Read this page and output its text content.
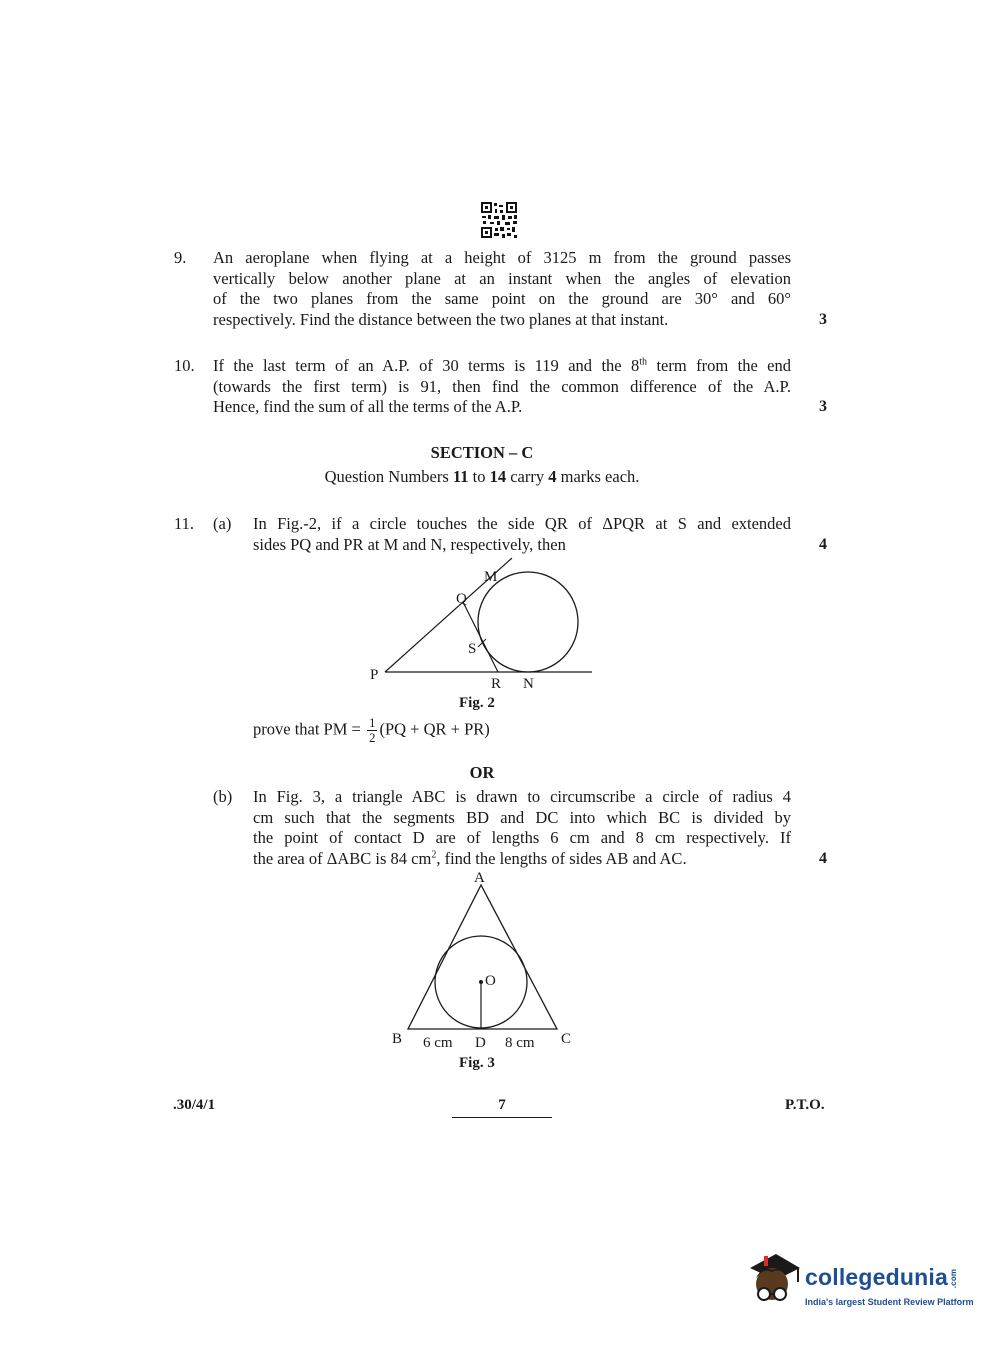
9. An aeroplane when flying at a height of 3125 m from the ground passes
vertically below another plane at an instant when the angles of elevation
of the two planes from the same point on the ground are 30° and 60°
respectively. Find the distance between the two planes at that instant.	3
10. If the last term of an A.P. of 30 terms is 119 and the 8th term from the end
(towards the first term) is 91, then find the common difference of the A.P.
Hence, find the sum of all the terms of the A.P.	3
SECTION – C
Question Numbers 11 to 14 carry 4 marks each.
11. (a) In Fig.-2, if a circle touches the side QR of ΔPQR at S and extended
sides PQ and PR at M and N, respectively, then	4
P
Q
M
S
R N
Fig. 2
prove that PM = $\frac{1}{2} (PQ$ + QR + PR)
OR
(b) In Fig. 3, a triangle ABC is drawn to circumscribe a circle of radius 4
cm such that the segments BD and DC into which BC is divided by
the point of contact D are of lengths 6 cm and 8 cm respectively. If
the area of ΔABC is 84 $cm^2$, find the lengths of sides AB and AC.	4
A
O
B 6 cm D 8 cm C
Fig. 3
.30/4/1	7	P.T.O.
collegedunia.com
India's largest Student Review Platform
